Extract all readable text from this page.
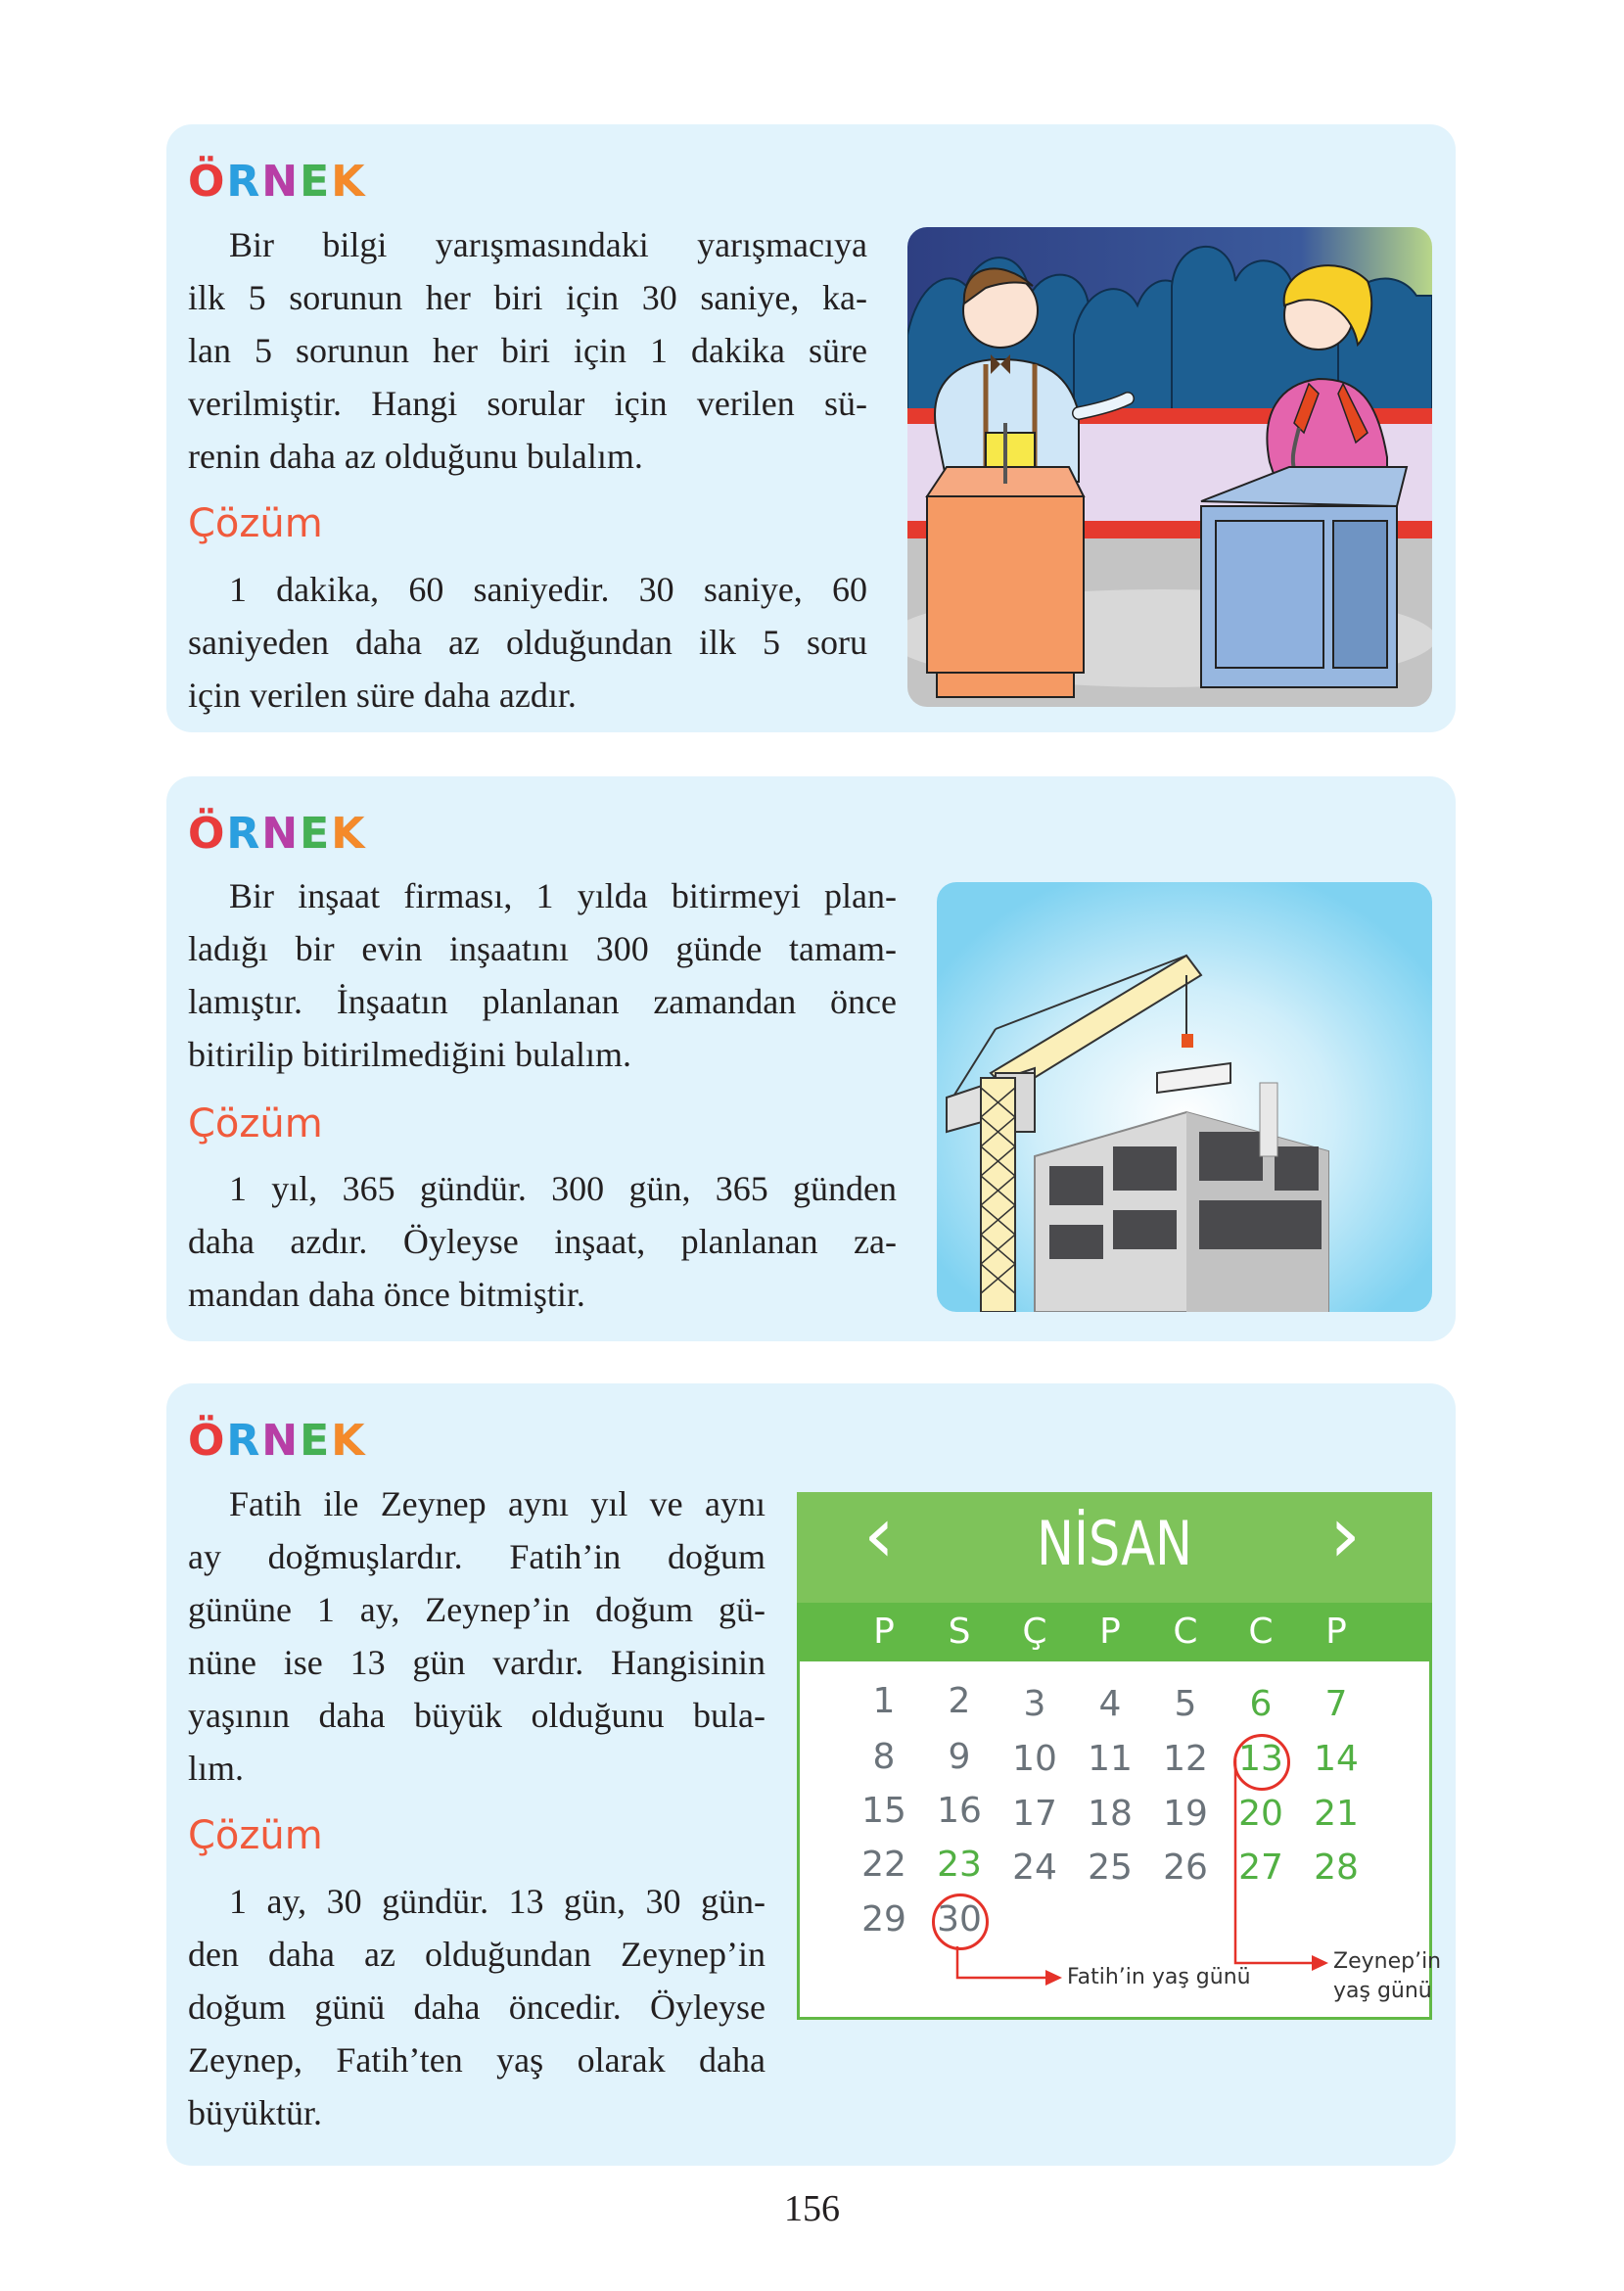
ÖRNEK
Bir bilgi yarışmasındaki yarışmacıya
ilk 5 sorunun her biri için 30 saniye, ka-
lan 5 sorunun her biri için 1 dakika süre
verilmiştir. Hangi sorular için verilen sü-
renin daha az olduğunu bulalım.
Çözüm
1 dakika, 60 saniyedir. 30 saniye, 60
saniyeden daha az olduğundan ilk 5 soru
için verilen süre daha azdır.
ÖRNEK
Bir inşaat firması, 1 yılda bitirmeyi plan-
ladığı bir evin inşaatını 300 günde tamam-
lamıştır. İnşaatın planlanan zamandan önce
bitirilip bitirilmediğini bulalım.
Çözüm
1 yıl, 365 gündür. 300 gün, 365 günden
daha azdır. Öyleyse inşaat, planlanan za-
mandan daha önce bitmiştir.
ÖRNEK
Fatih ile Zeynep aynı yıl ve aynı
ay doğmuşlardır. Fatih’in doğum
gününe 1 ay, Zeynep’in doğum gü-
nüne ise 13 gün vardır. Hangisinin
yaşının daha büyük olduğunu bula-
lım.
Çözüm
1 ay, 30 gündür. 13 gün, 30 gün-
den daha az olduğundan Zeynep’in
doğum günü daha öncedir. Öyleyse
Zeynep, Fatih’ten yaş olarak daha
büyüktür.
‹	NİSAN	›
P S Ç P C C P
1	2	3	4	5	6	7
8	9	10 11 12 13 14
15 16 17 18 19 20 21
22 23 24 25 26 27 28
29 30
Zeynep’in
yaş günü
Fatih’in yaş günü
156
